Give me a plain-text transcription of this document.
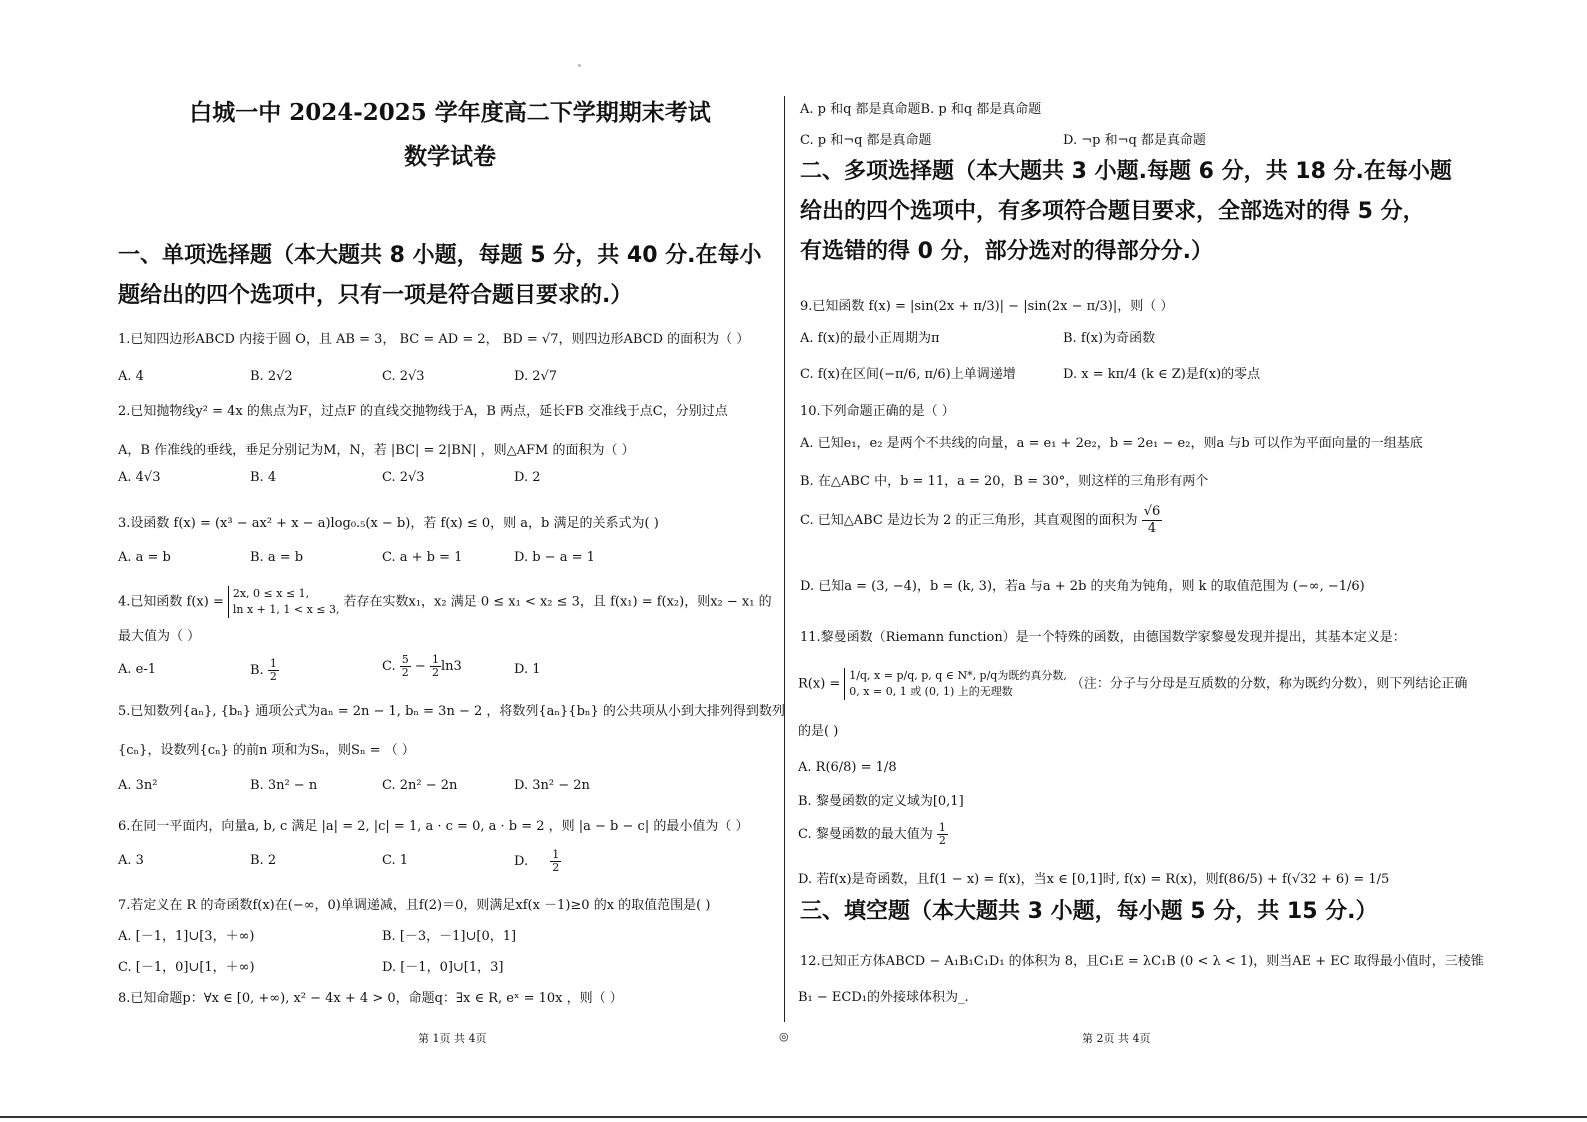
白城一中 2024-2025 学年度高二下学期期末考试
数学试卷
一、单项选择题（本大题共 8 小题，每题 5 分，共 40 分.在每小
题给出的四个选项中，只有一项是符合题目要求的.）
1.已知四边形ABCD 内接于圆 O，且 AB = 3， BC = AD = 2， BD = √7，则四边形ABCD 的面积为（ ）
A. 4	B. 2√2	C. 2√3	D. 2√7
2.已知抛物线y² = 4x 的焦点为F，过点F 的直线交抛物线于A，B 两点，延长FB 交准线于点C，分别过点
A，B 作准线的垂线，垂足分别记为M，N，若 |BC| = 2|BN| ，则△AFM 的面积为（ ）
A. 4√3	B. 4	C. 2√3	D. 2
3.设函数 f(x) = (x³ − ax² + x − a)log₀.₅(x − b)，若 f(x) ≤ 0，则 a，b 满足的关系式为( )
A. a = b	B. a = b	C. a + b = 1	D. b − a = 1
4.已知函数 f(x) =
2x, 0 ≤ x ≤ 1,
ln x + 1, 1 < x ≤ 3, 若存在实数x₁，x₂ 满足 0 ≤ x₁ < x₂ ≤ 3，且 f(x₁) = f(x₂)，则x₂ − x₁ 的
最大值为（ ）
A. e-1	B. $\frac{1}{2}$	C. $\frac{5}{2} - \frac{1}{2} \ln 3$	D. 1
5.已知数列{aₙ}, {bₙ} 通项公式为aₙ = 2n − 1, bₙ = 3n − 2 ，将数列{aₙ}{bₙ} 的公共项从小到大排列得到数列
{cₙ}，设数列{cₙ} 的前n 项和为Sₙ，则Sₙ = （ ）
A. 3n²	B. 3n² − n	C. 2n² − 2n	D. 3n² − 2n
6.在同一平面内，向量a, b, c 满足 |a| = 2, |c| = 1, a · c = 0, a · b = 2 ，则 |a − b − c| 的最小值为（ ）
A. 3	B. 2	C. 1	D. $\frac{1}{2}$
7.若定义在 R 的奇函数f(x)在(−∞，0)单调递减，且f(2)＝0，则满足xf(x －1)≥0 的x 的取值范围是( )
A. [－1，1]∪[3，＋∞)	B. [－3，－1]∪[0，1]
C. [－1，0]∪[1，＋∞)	D. [－1，0]∪[1，3]
8.已知命题p：∀x ∈ [0, +∞), x² − 4x + 4 > 0，命题q：∃x ∈ R, eˣ = 10x ，则（ ）
A. p 和q 都是真命题B. p 和q 都是真命题
C. p 和¬q 都是真命题	D. ¬p 和¬q 都是真命题
二、多项选择题（本大题共 3 小题.每题 6 分，共 18 分.在每小题
给出的四个选项中，有多项符合题目要求，全部选对的得 5 分，
有选错的得 0 分，部分选对的得部分分.）
9.已知函数 f(x) = |sin(2x + π/3)| − |sin(2x − π/3)|，则（ ）
A. f(x)的最小正周期为π	B. f(x)为奇函数
C. f(x)在区间(−π/6, π/6)上单调递增	D. x = kπ/4 (k ∈ Z)是f(x)的零点
10.下列命题正确的是（ ）
A. 已知e₁，e₂ 是两个不共线的向量，a = e₁ + 2e₂，b = 2e₁ − e₂，则a 与b 可以作为平面向量的一组基底
B. 在△ABC 中，b = 11，a = 20，B = 30°，则这样的三角形有两个
C. 已知△ABC 是边长为 2 的正三角形，其直观图的面积为 $\frac{√6}{4}$
D. 已知a = (3, −4)，b = (k, 3)，若a 与a + 2b 的夹角为钝角，则 k 的取值范围为 (−∞, −1/6)
11.黎曼函数（Riemann function）是一个特殊的函数，由德国数学家黎曼发现并提出，其基本定义是：
R(x) =
1/q, x = p/q, p, q ∈ N*, p/q为既约真分数,
0, x = 0, 1 或 (0, 1) 上的无理数	（注：分子与分母是互质数的分数，称为既约分数），则下列结论正确
的是( )
A. R(6/8) = 1/8
B. 黎曼函数的定义域为[0,1]
C. 黎曼函数的最大值为 $\frac{1}{2}$
D. 若f(x)是奇函数，且f(1 − x) = f(x)，当x ∈ [0,1]时, f(x) = R(x)，则f(86/5) + f(√32 + 6) = 1/5
三、填空题（本大题共 3 小题，每小题 5 分，共 15 分.）
12.已知正方体ABCD − A₁B₁C₁D₁ 的体积为 8，且C₁E = λC₁B (0 < λ < 1)，则当AE + EC 取得最小值时，三棱锥
B₁ − ECD₁的外接球体积为_.
第 1页 共 4页	◎	第 2页 共 4页
